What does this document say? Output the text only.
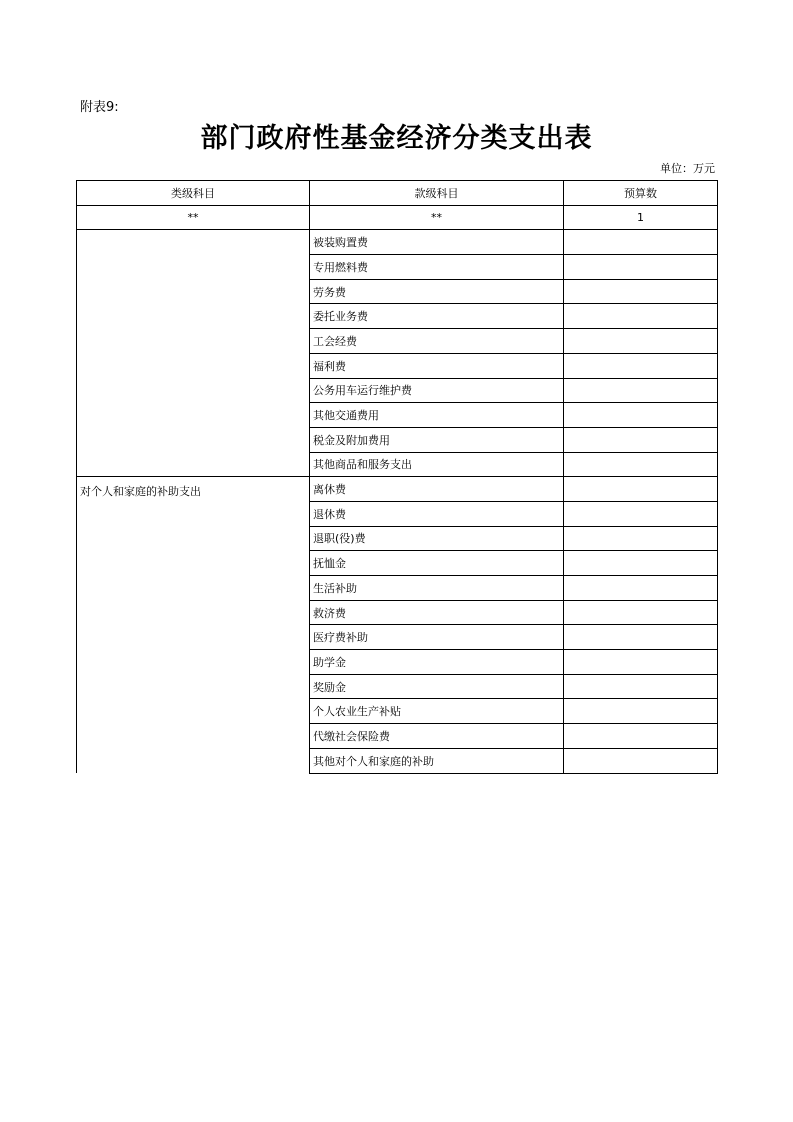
附表9:
部门政府性基金经济分类支出表
单位：万元
类级科目	款级科目	预算数
**	**	1
	被装购置费	
	专用燃料费	
	劳务费	
	委托业务费	
	工会经费	
	福利费	
	公务用车运行维护费	
	其他交通费用	
	税金及附加费用	
	其他商品和服务支出	
对个人和家庭的补助支出	离休费	
	退休费	
	退职(役)费	
	抚恤金	
	生活补助	
	救济费	
	医疗费补助	
	助学金	
	奖励金	
	个人农业生产补贴	
	代缴社会保险费	
	其他对个人和家庭的补助	
